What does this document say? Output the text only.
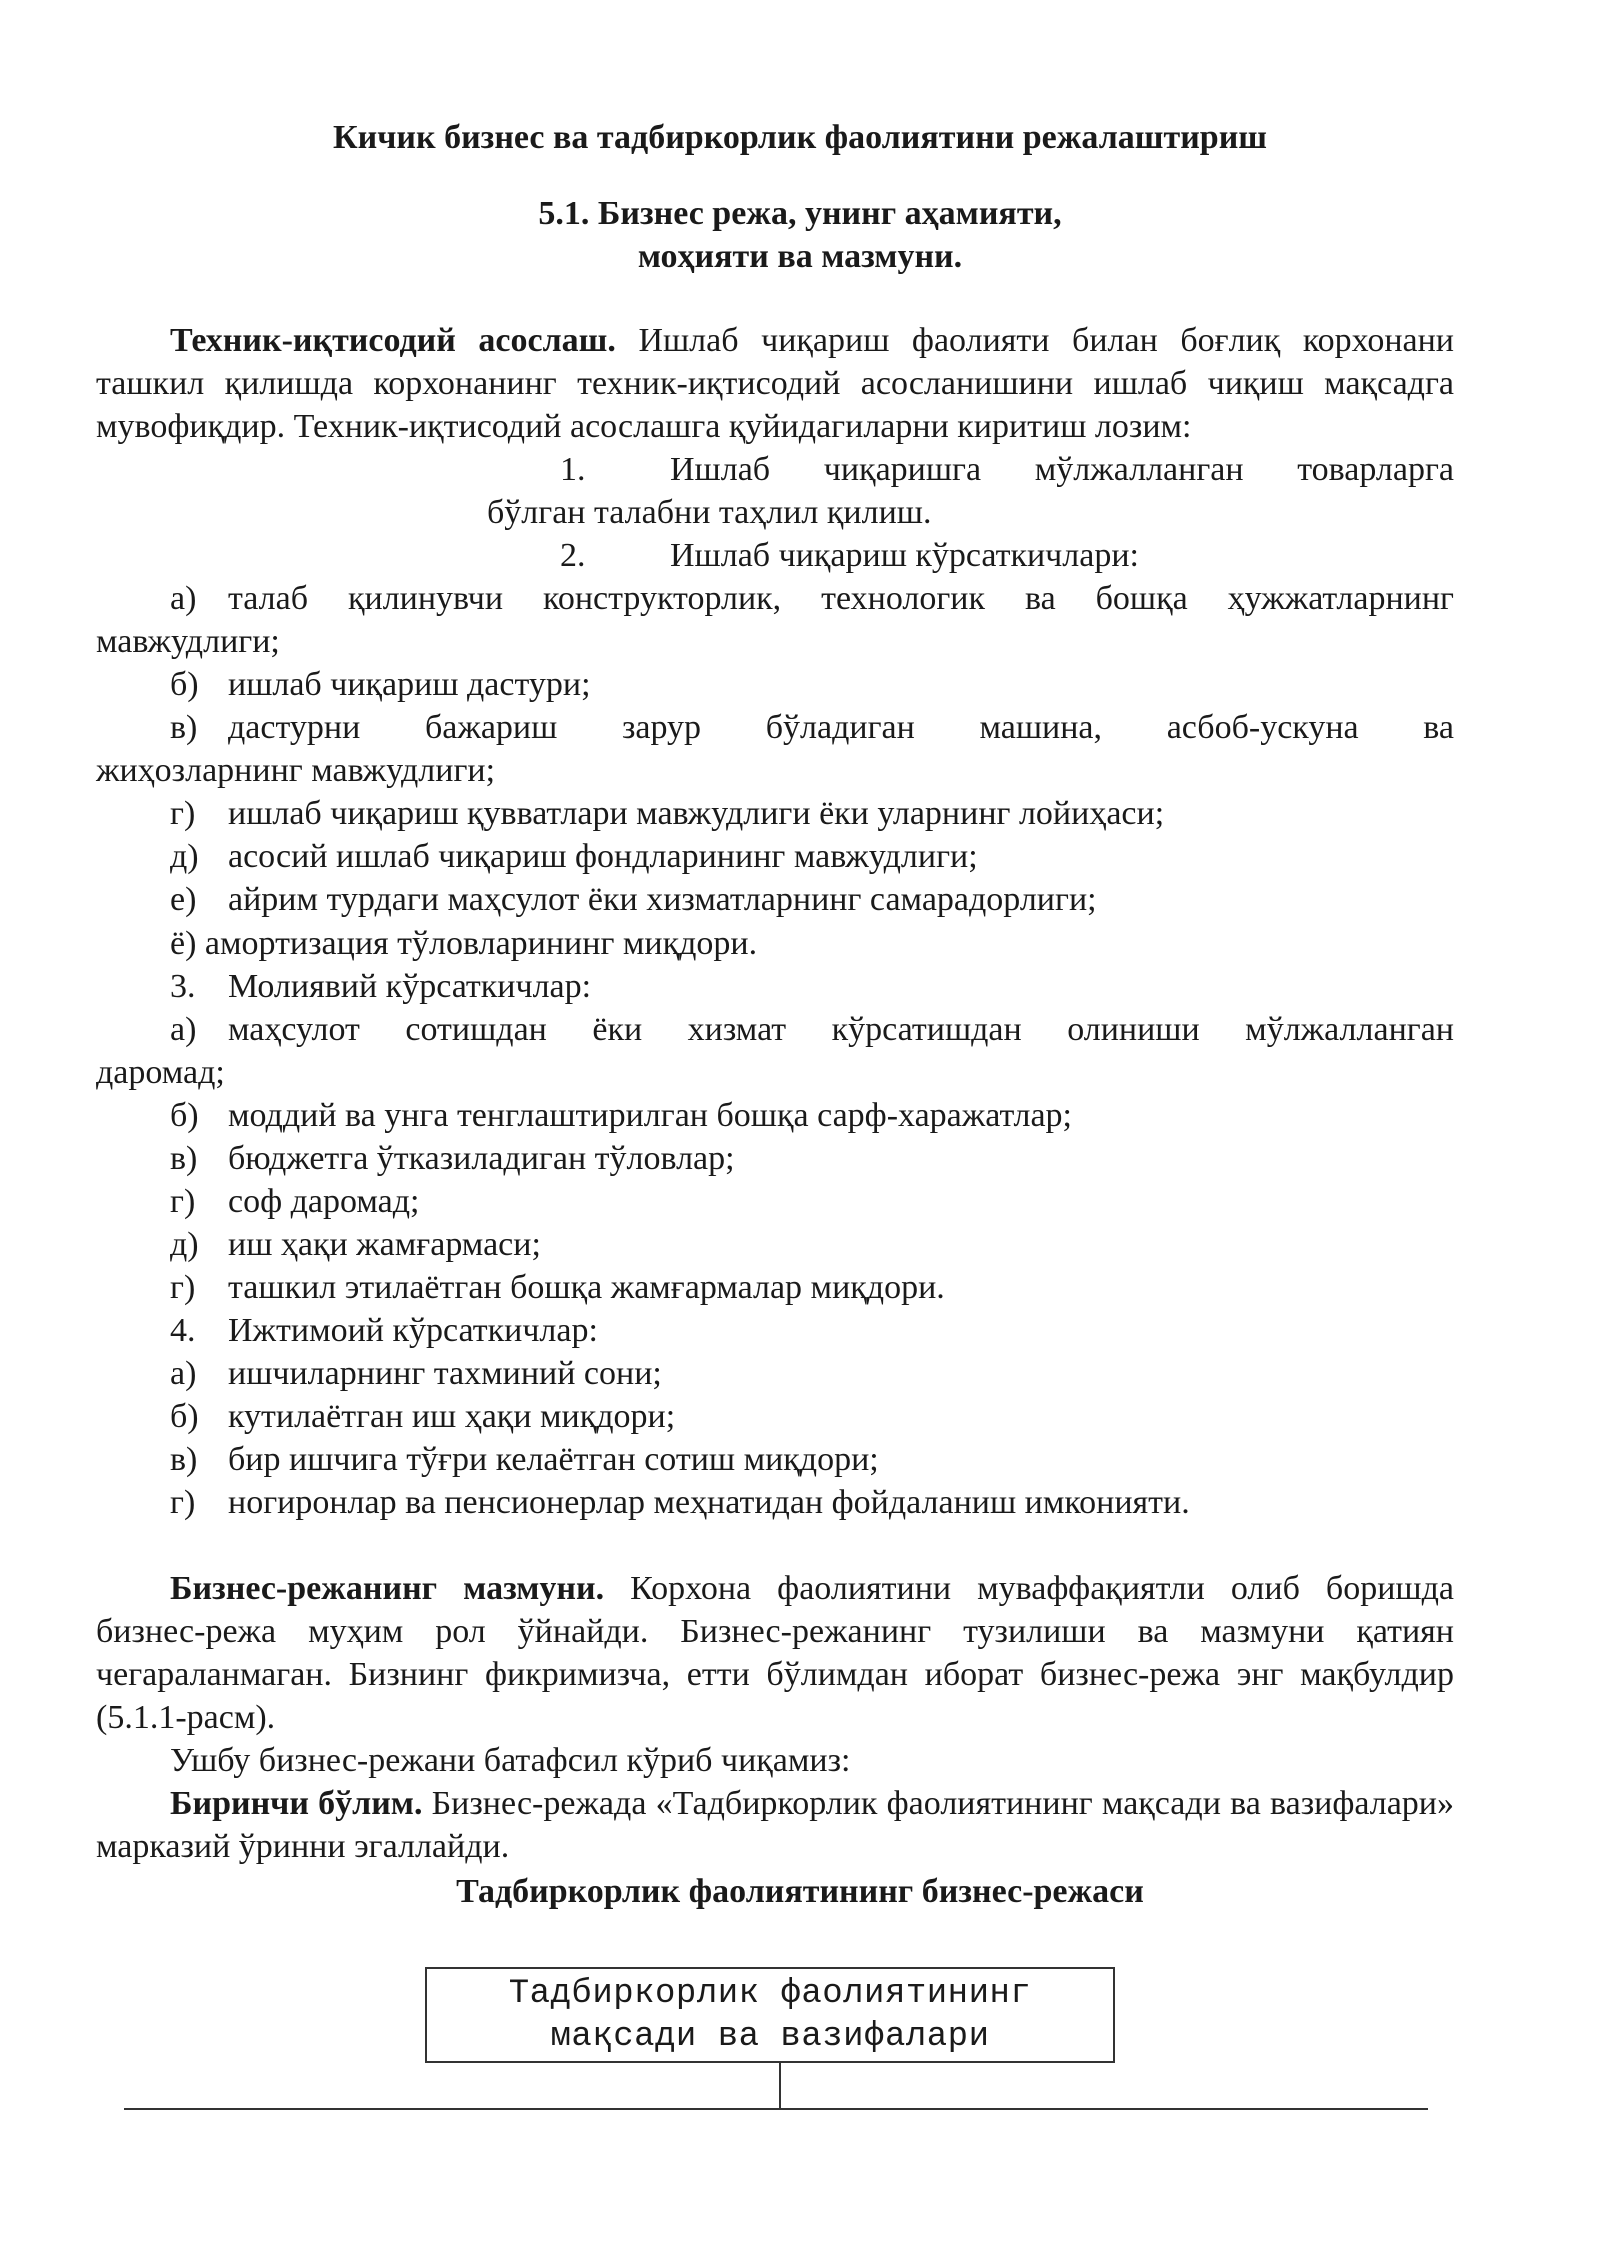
Кичик бизнес ва тадбиркорлик фаолиятини режалаштириш
5.1. Бизнес режа, унинг аҳамияти,
моҳияти ва мазмуни.
Техник-иқтисодий асослаш. Ишлаб чиқариш фаолияти билан боғлиқ корхонани ташкил қилишда корхонанинг техник-иқтисодий асосланишини ишлаб чиқиш мақсадга мувофиқдир. Техник-иқтисодий асослашга қуйидагиларни киритиш лозим:
1. Ишлаб чиқаришга мўлжалланган товарларга
бўлган талабни таҳлил қилиш.
2. Ишлаб чиқариш кўрсаткичлари:
а) талаб қилинувчи конструкторлик, технологик ва бошқа ҳужжатларнинг
мавжудлиги;
б) ишлаб чиқариш дастури;
в) дастурни бажариш зарур бўладиган машина, асбоб-ускуна ва
жиҳозларнинг мавжудлиги;
г) ишлаб чиқариш қувватлари мавжудлиги ёки уларнинг лойиҳаси;
д) асосий ишлаб чиқариш фондларининг мавжудлиги;
е) айрим турдаги маҳсулот ёки хизматларнинг самарадорлиги;
ё) амортизация тўловларининг миқдори.
3. Молиявий кўрсаткичлар:
а) маҳсулот сотишдан ёки хизмат кўрсатишдан олиниши мўлжалланган
даромад;
б) моддий ва унга тенглаштирилган бошқа сарф-харажатлар;
в) бюджетга ўтказиладиган тўловлар;
г) соф даромад;
д) иш ҳақи жамғармаси;
г) ташкил этилаётган бошқа жамғармалар миқдори.
4. Ижтимоий кўрсаткичлар:
а) ишчиларнинг тахминий сони;
б) кутилаётган иш ҳақи миқдори;
в) бир ишчига тўғри келаётган сотиш миқдори;
г) ногиронлар ва пенсионерлар меҳнатидан фойдаланиш имконияти.
Бизнес-режанинг мазмуни. Корхона фаолиятини муваффақиятли олиб боришда бизнес-режа муҳим рол ўйнайди. Бизнес-режанинг тузилиши ва мазмуни қатиян чегараланмаган. Бизнинг фикримизча, етти бўлимдан иборат бизнес-режа энг мақбулдир (5.1.1-расм).
Ушбу бизнес-режани батафсил кўриб чиқамиз:
Биринчи бўлим. Бизнес-режада «Тадбиркорлик фаолиятининг мақсади ва вазифалари» марказий ўринни эгаллайди.
Тадбиркорлик фаолиятининг бизнес-режаси
Тадбиркорлик фаолиятининг
мақсади ва вазифалари
